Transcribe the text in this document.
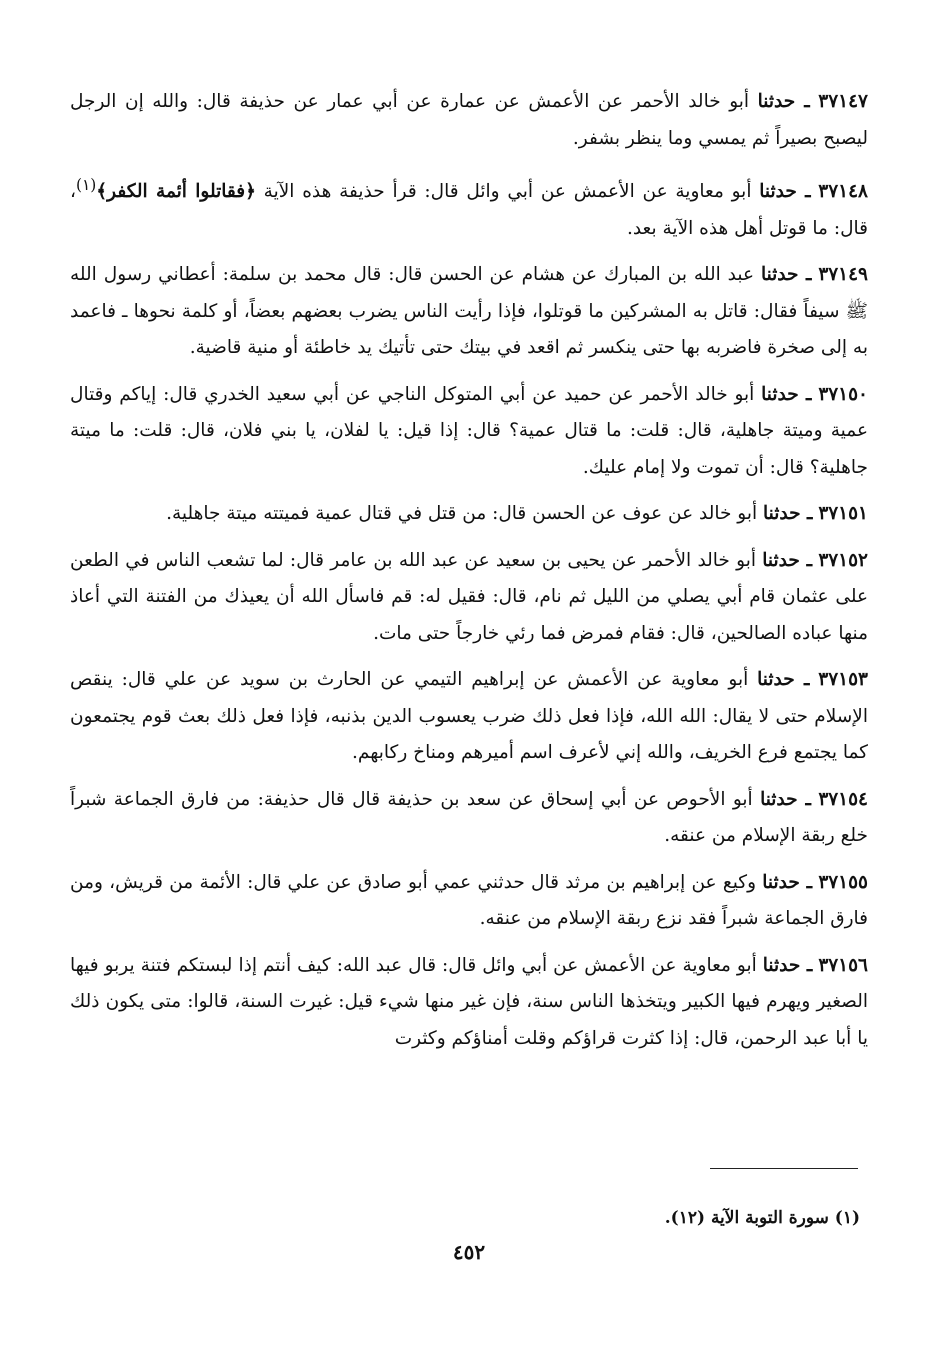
٣٧١٤٧ ـ حدثنا أبو خالد الأحمر عن الأعمش عن عمارة عن أبي عمار عن حذيفة قال: والله إن الرجل ليصبح بصيراً ثم يمسي وما ينظر بشفر.

٣٧١٤٨ ـ حدثنا أبو معاوية عن الأعمش عن أبي وائل قال: قرأ حذيفة هذه الآية ﴿فقاتلوا أئمة الكفر﴾$^{(١)}$، قال: ما قوتل أهل هذه الآية بعد.

٣٧١٤٩ ـ حدثنا عبد الله بن المبارك عن هشام عن الحسن قال: قال محمد بن سلمة: أعطاني رسول الله ﷺ سيفاً فقال: قاتل به المشركين ما قوتلوا، فإذا رأيت الناس يضرب بعضهم بعضاً، أو كلمة نحوها ـ فاعمد به إلى صخرة فاضربه بها حتى ينكسر ثم اقعد في بيتك حتى تأتيك يد خاطئة أو منية قاضية.

٣٧١٥٠ ـ حدثنا أبو خالد الأحمر عن حميد عن أبي المتوكل الناجي عن أبي سعيد الخدري قال: إياكم وقتال عمية وميتة جاهلية، قال: قلت: ما قتال عمية؟ قال: إذا قيل: يا لفلان، يا بني فلان، قال: قلت: ما ميتة جاهلية؟ قال: أن تموت ولا إمام عليك.

٣٧١٥١ ـ حدثنا أبو خالد عن عوف عن الحسن قال: من قتل في قتال عمية فميتته ميتة جاهلية.

٣٧١٥٢ ـ حدثنا أبو خالد الأحمر عن يحيى بن سعيد عن عبد الله بن عامر قال: لما تشعب الناس في الطعن على عثمان قام أبي يصلي من الليل ثم نام، قال: فقيل له: قم فاسأل الله أن يعيذك من الفتنة التي أعاذ منها عباده الصالحين، قال: فقام فمرض فما رئي خارجاً حتى مات.

٣٧١٥٣ ـ حدثنا أبو معاوية عن الأعمش عن إبراهيم التيمي عن الحارث بن سويد عن علي قال: ينقص الإسلام حتى لا يقال: الله الله، فإذا فعل ذلك ضرب يعسوب الدين بذنبه، فإذا فعل ذلك بعث قوم يجتمعون كما يجتمع فرع الخريف، والله إني لأعرف اسم أميرهم ومناخ ركابهم.

٣٧١٥٤ ـ حدثنا أبو الأحوص عن أبي إسحاق عن سعد بن حذيفة قال قال حذيفة: من فارق الجماعة شبراً خلع ربقة الإسلام من عنقه.

٣٧١٥٥ ـ حدثنا وكيع عن إبراهيم بن مرثد قال حدثني عمي أبو صادق عن علي قال: الأئمة من قريش، ومن فارق الجماعة شبراً فقد نزع ربقة الإسلام من عنقه.

٣٧١٥٦ ـ حدثنا أبو معاوية عن الأعمش عن أبي وائل قال: قال عبد الله: كيف أنتم إذا لبستكم فتنة يربو فيها الصغير ويهرم فيها الكبير ويتخذها الناس سنة، فإن غير منها شيء قيل: غيرت السنة، قالوا: متى يكون ذلك يا أبا عبد الرحمن، قال: إذا كثرت قراؤكم وقلت أمناؤكم وكثرت

(١) سورة التوبة الآية (١٢).
٤٥٢
